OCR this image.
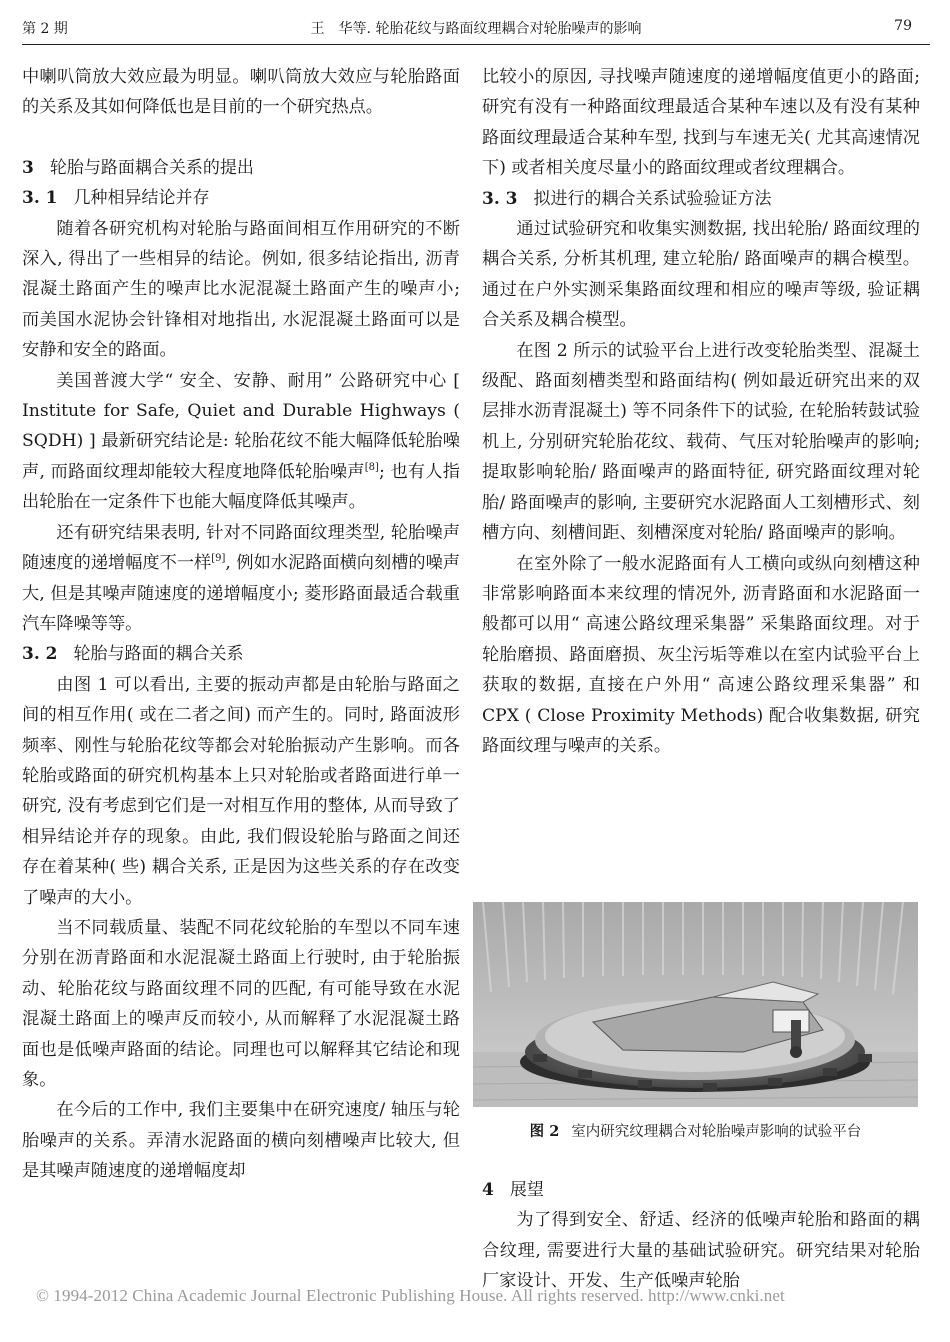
第 2 期	王　华等. 轮胎花纹与路面纹理耦合对轮胎噪声的影响	79

中喇叭筒放大效应最为明显。喇叭筒放大效应与轮胎路面的关系及其如何降低也是目前的一个研究热点。

3 轮胎与路面耦合关系的提出
3. 1 几种相异结论并存

随着各研究机构对轮胎与路面间相互作用研究的不断深入, 得出了一些相异的结论。例如, 很多结论指出, 沥青混凝土路面产生的噪声比水泥混凝土路面产生的噪声小; 而美国水泥协会针锋相对地指出, 水泥混凝土路面可以是安静和安全的路面。

美国普渡大学“ 安全、安静、耐用” 公路研究中心 [ Institute for Safe, Quiet and Durable Highways ( SQDH) ] 最新研究结论是: 轮胎花纹不能大幅降低轮胎噪声, 而路面纹理却能较大程度地降低轮胎噪声[8]; 也有人指出轮胎在一定条件下也能大幅度降低其噪声。

还有研究结果表明, 针对不同路面纹理类型, 轮胎噪声随速度的递增幅度不一样[9], 例如水泥路面横向刻槽的噪声大, 但是其噪声随速度的递增幅度小; 菱形路面最适合载重汽车降噪等等。

3. 2 轮胎与路面的耦合关系

由图 1 可以看出, 主要的振动声都是由轮胎与路面之间的相互作用( 或在二者之间) 而产生的。同时, 路面波形频率、刚性与轮胎花纹等都会对轮胎振动产生影响。而各轮胎或路面的研究机构基本上只对轮胎或者路面进行单一研究, 没有考虑到它们是一对相互作用的整体, 从而导致了相异结论并存的现象。由此, 我们假设轮胎与路面之间还存在着某种( 些) 耦合关系, 正是因为这些关系的存在改变了噪声的大小。

当不同载质量、装配不同花纹轮胎的车型以不同车速分别在沥青路面和水泥混凝土路面上行驶时, 由于轮胎振动、轮胎花纹与路面纹理不同的匹配, 有可能导致在水泥混凝土路面上的噪声反而较小, 从而解释了水泥混凝土路面也是低噪声路面的结论。同理也可以解释其它结论和现象。

在今后的工作中, 我们主要集中在研究速度/ 轴压与轮胎噪声的关系。弄清水泥路面的横向刻槽噪声比较大, 但是其噪声随速度的递增幅度却

比较小的原因, 寻找噪声随速度的递增幅度值更小的路面; 研究有没有一种路面纹理最适合某种车速以及有没有某种路面纹理最适合某种车型, 找到与车速无关( 尤其高速情况下) 或者相关度尽量小的路面纹理或者纹理耦合。

3. 3 拟进行的耦合关系试验验证方法

通过试验研究和收集实测数据, 找出轮胎/ 路面纹理的耦合关系, 分析其机理, 建立轮胎/ 路面噪声的耦合模型。通过在户外实测采集路面纹理和相应的噪声等级, 验证耦合关系及耦合模型。

在图 2 所示的试验平台上进行改变轮胎类型、混凝土级配、路面刻槽类型和路面结构( 例如最近研究出来的双层排水沥青混凝土) 等不同条件下的试验, 在轮胎转鼓试验机上, 分别研究轮胎花纹、载荷、气压对轮胎噪声的影响; 提取影响轮胎/ 路面噪声的路面特征, 研究路面纹理对轮胎/ 路面噪声的影响, 主要研究水泥路面人工刻槽形式、刻槽方向、刻槽间距、刻槽深度对轮胎/ 路面噪声的影响。

在室外除了一般水泥路面有人工横向或纵向刻槽这种非常影响路面本来纹理的情况外, 沥青路面和水泥路面一般都可以用“ 高速公路纹理采集器” 采集路面纹理。对于轮胎磨损、路面磨损、灰尘污垢等难以在室内试验平台上获取的数据, 直接在户外用“ 高速公路纹理采集器” 和 CPX ( Close Proximity Methods) 配合收集数据, 研究路面纹理与噪声的关系。

图 2 室内研究纹理耦合对轮胎噪声影响的试验平台
4 展望

为了得到安全、舒适、经济的低噪声轮胎和路面的耦合纹理, 需要进行大量的基础试验研究。研究结果对轮胎厂家设计、开发、生产低噪声轮胎

© 1994-2012 China Academic Journal Electronic Publishing House. All rights reserved. http://www.cnki.net
